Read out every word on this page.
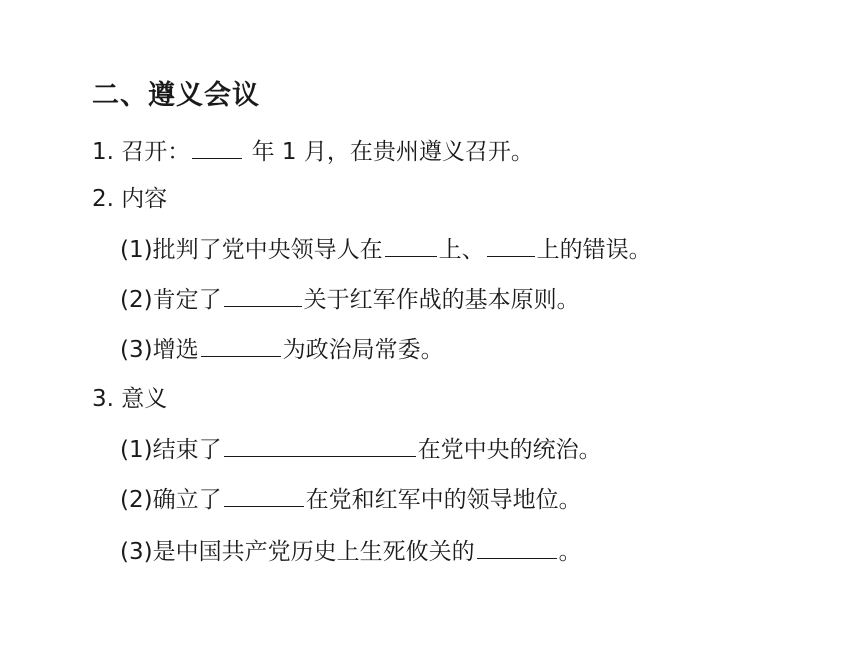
二、遵义会议
1. 召开： 年 1 月，在贵州遵义召开。
2. 内容
(1)批判了党中央领导人在 上、 上的错误。
(2)肯定了	关于红军作战的基本原则。
(3)增选	为政治局常委。
3. 意义
(1)结束了	在党中央的统治。
(2)确立了	在党和红军中的领导地位。
(3)是中国共产党历史上生死攸关的	。
